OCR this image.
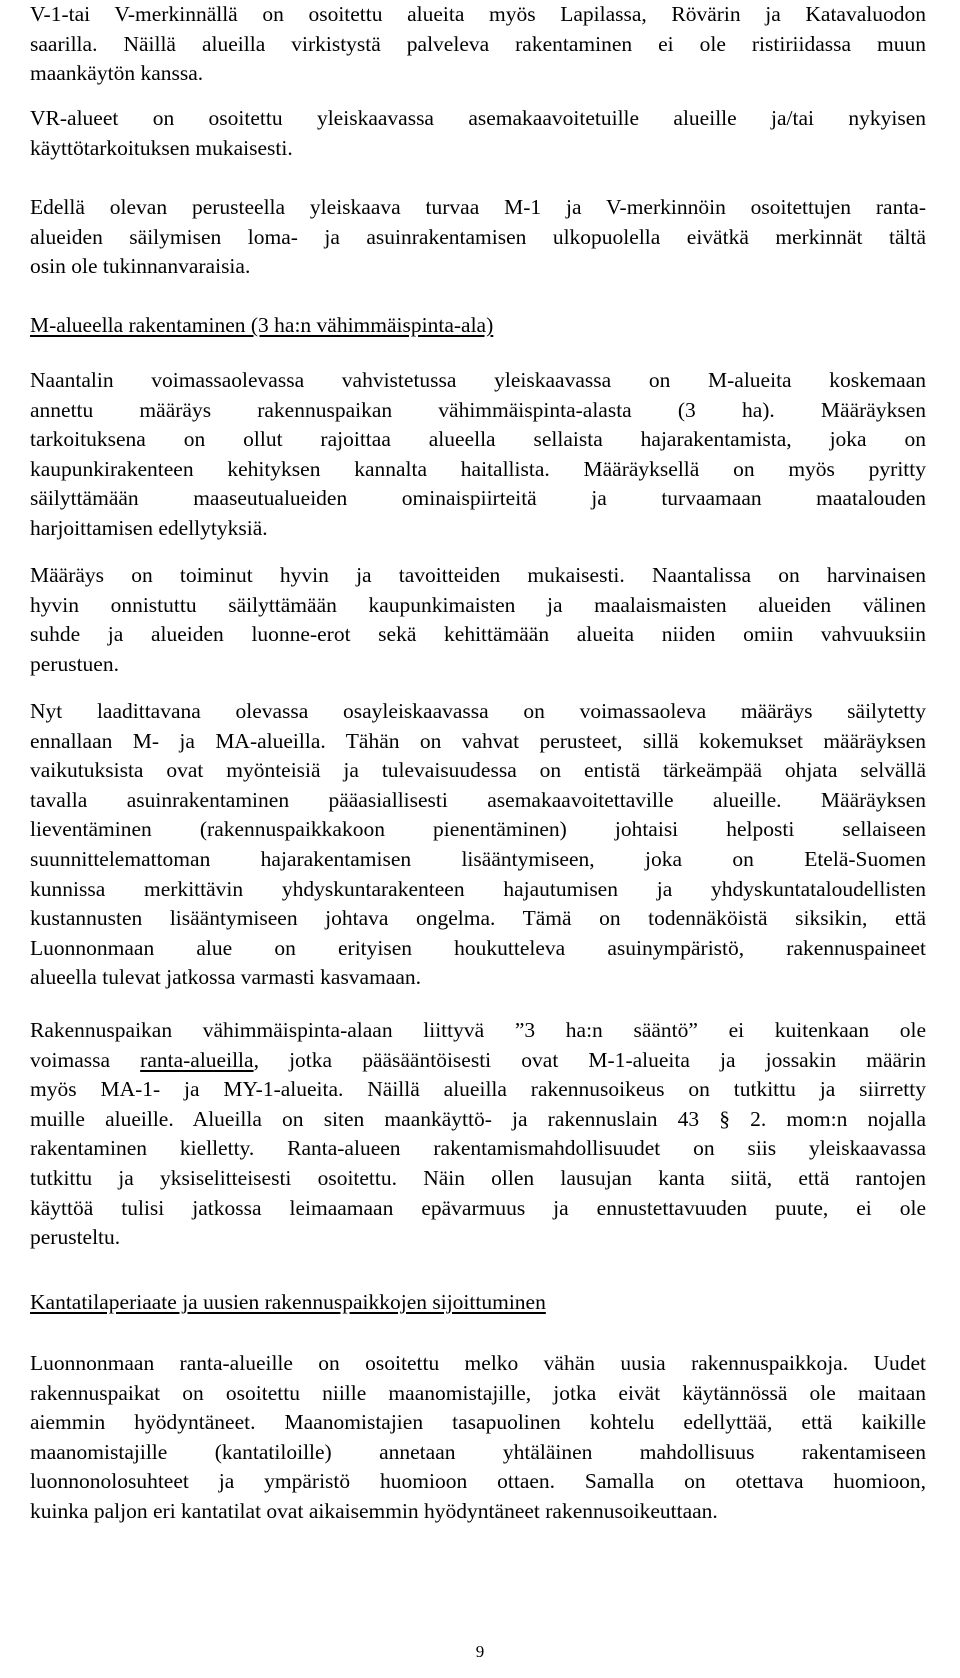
V-1-tai V-merkinnällä on osoitettu alueita myös Lapilassa, Rövärin ja Katavaluodon
saarilla. Näillä alueilla virkistystä palveleva rakentaminen ei ole ristiriidassa muun
maankäytön kanssa.
VR-alueet on osoitettu yleiskaavassa asemakaavoitetuille alueille ja/tai nykyisen
käyttötarkoituksen mukaisesti.
Edellä olevan perusteella yleiskaava turvaa M-1 ja V-merkinnöin osoitettujen ranta-
alueiden säilymisen loma- ja asuinrakentamisen ulkopuolella eivätkä merkinnät tältä
osin ole tukinnanvaraisia.
M-alueella rakentaminen (3 ha:n vähimmäispinta-ala)
Naantalin voimassaolevassa vahvistetussa yleiskaavassa on M-alueita koskemaan
annettu määräys rakennuspaikan vähimmäispinta-alasta (3 ha). Määräyksen
tarkoituksena on ollut rajoittaa alueella sellaista hajarakentamista, joka on
kaupunkirakenteen kehityksen kannalta haitallista. Määräyksellä on myös pyritty
säilyttämään maaseutualueiden ominaispiirteitä ja turvaamaan maatalouden
harjoittamisen edellytyksiä.
Määräys on toiminut hyvin ja tavoitteiden mukaisesti. Naantalissa on harvinaisen
hyvin onnistuttu säilyttämään kaupunkimaisten ja maalaismaisten alueiden välinen
suhde ja alueiden luonne-erot sekä kehittämään alueita niiden omiin vahvuuksiin
perustuen.
Nyt laadittavana olevassa osayleiskaavassa on voimassaoleva määräys säilytetty
ennallaan M- ja MA-alueilla. Tähän on vahvat perusteet, sillä kokemukset määräyksen
vaikutuksista ovat myönteisiä ja tulevaisuudessa on entistä tärkeämpää ohjata selvällä
tavalla asuinrakentaminen pääasiallisesti asemakaavoitettaville alueille. Määräyksen
lieventäminen (rakennuspaikkakoon pienentäminen) johtaisi helposti sellaiseen
suunnittelemattoman hajarakentamisen lisääntymiseen, joka on Etelä-Suomen
kunnissa merkittävin yhdyskuntarakenteen hajautumisen ja yhdyskuntataloudellisten
kustannusten lisääntymiseen johtava ongelma. Tämä on todennäköistä siksikin, että
Luonnonmaan alue on erityisen houkutteleva asuinympäristö, rakennuspaineet
alueella tulevat jatkossa varmasti kasvamaan.
Rakennuspaikan vähimmäispinta-alaan liittyvä ”3 ha:n sääntö” ei kuitenkaan ole
voimassa ranta-alueilla, jotka pääsääntöisesti ovat M-1-alueita ja jossakin määrin
myös MA-1- ja MY-1-alueita. Näillä alueilla rakennusoikeus on tutkittu ja siirretty
muille alueille. Alueilla on siten maankäyttö- ja rakennuslain 43 § 2. mom:n nojalla
rakentaminen kielletty. Ranta-alueen rakentamismahdollisuudet on siis yleiskaavassa
tutkittu ja yksiselitteisesti osoitettu. Näin ollen lausujan kanta siitä, että rantojen
käyttöä tulisi jatkossa leimaamaan epävarmuus ja ennustettavuuden puute, ei ole
perusteltu.
Kantatilaperiaate ja uusien rakennuspaikkojen sijoittuminen
Luonnonmaan ranta-alueille on osoitettu melko vähän uusia rakennuspaikkoja. Uudet
rakennuspaikat on osoitettu niille maanomistajille, jotka eivät käytännössä ole maitaan
aiemmin hyödyntäneet. Maanomistajien tasapuolinen kohtelu edellyttää, että kaikille
maanomistajille (kantatiloille) annetaan yhtäläinen mahdollisuus rakentamiseen
luonnonolosuhteet ja ympäristö huomioon ottaen. Samalla on otettava huomioon,
kuinka paljon eri kantatilat ovat aikaisemmin hyödyntäneet rakennusoikeuttaan.
9
